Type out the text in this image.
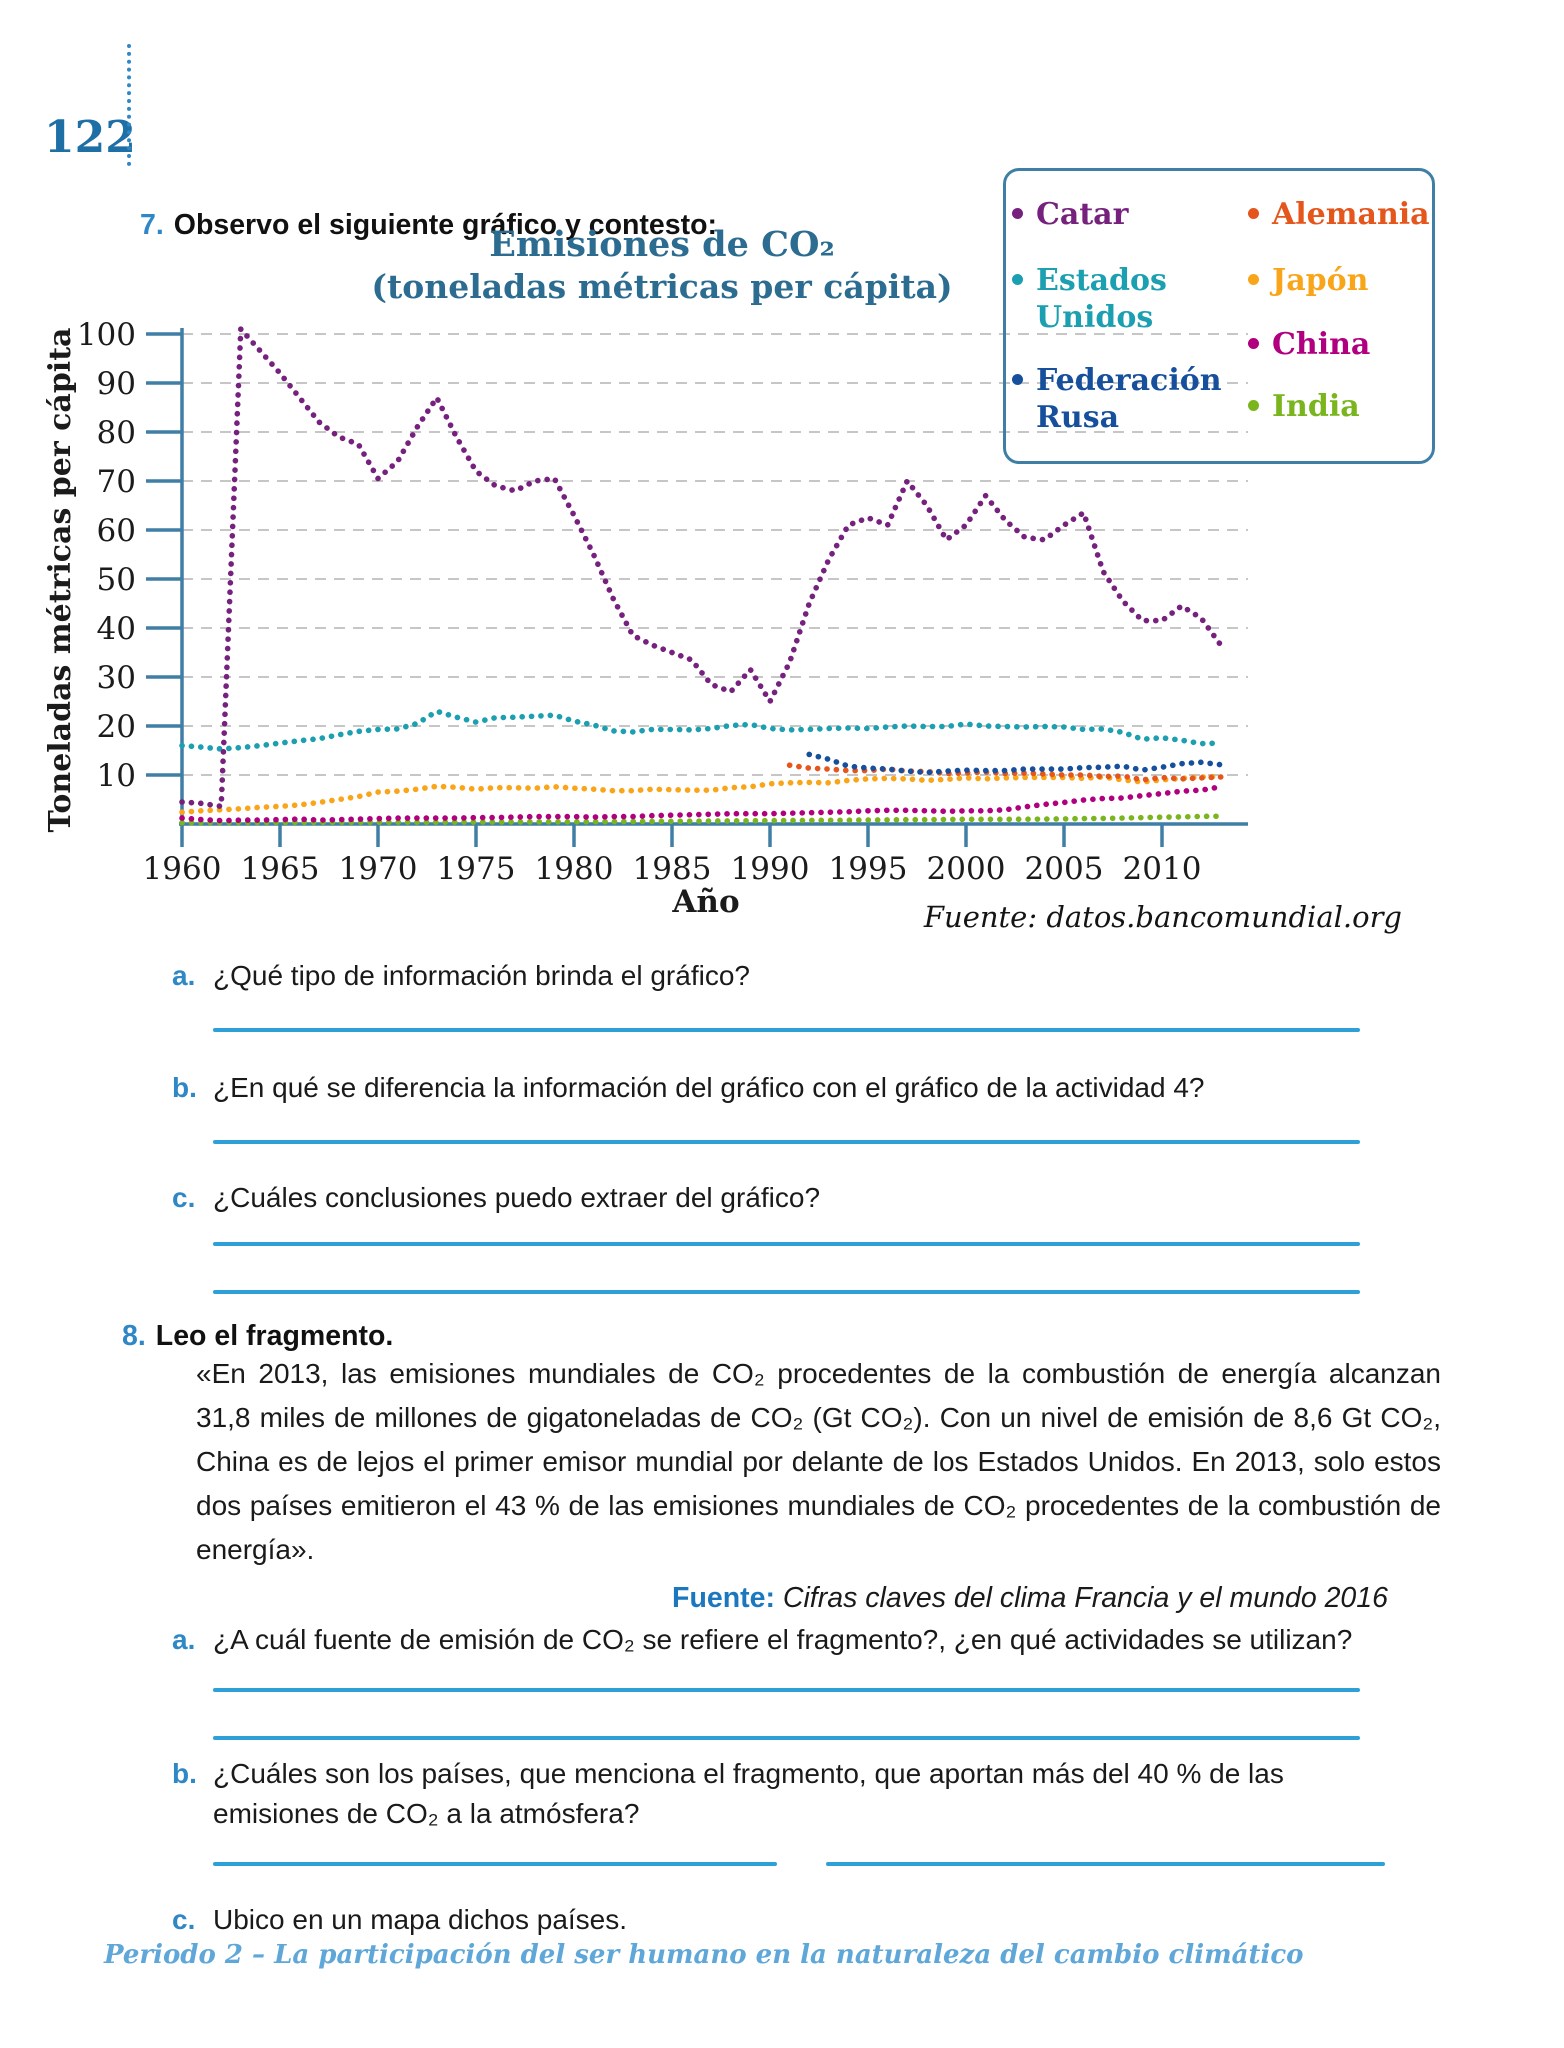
122
7. Observo el siguiente gráfico y contesto:
10
20
30
40
50
60
70
80
90
100
1960 1965 1970 1975 1980 1985 1990 1995 2000 2005 2010
Emisiones de CO₂
(toneladas métricas per cápita)
Toneladas métricas per cápita
Año	Fuente: datos.bancomundial.org
a. ¿Qué tipo de información brinda el gráfico?
b. ¿En qué se diferencia la información del gráfico con el gráfico de la actividad 4?
c. ¿Cuáles conclusiones puedo extraer del gráfico?
8. Leo el fragmento.
«En 2013, las emisiones mundiales de CO₂ procedentes de la combustión de energía alcanzan 31,8 miles de millones de gigatoneladas de CO₂ (Gt CO₂). Con un nivel de emisión de 8,6 Gt CO₂, China es de lejos el primer emisor mundial por delante de los Estados Unidos. En 2013, solo estos dos países emitieron el 43 % de las emisiones mundiales de CO₂ procedentes de la combustión de energía».
Fuente: Cifras claves del clima Francia y el mundo 2016
a. ¿A cuál fuente de emisión de CO₂ se refiere el fragmento?, ¿en qué actividades se utilizan?
b. ¿Cuáles son los países, que menciona el fragmento, que aportan más del 40 % de las emisiones de CO₂ a la atmósfera?
c. Ubico en un mapa dichos países.
Periodo 2 – La participación del ser humano en la naturaleza del cambio climático
Catar
Estados Unidos
Federación Rusa
Alemania
Japón
China
India
